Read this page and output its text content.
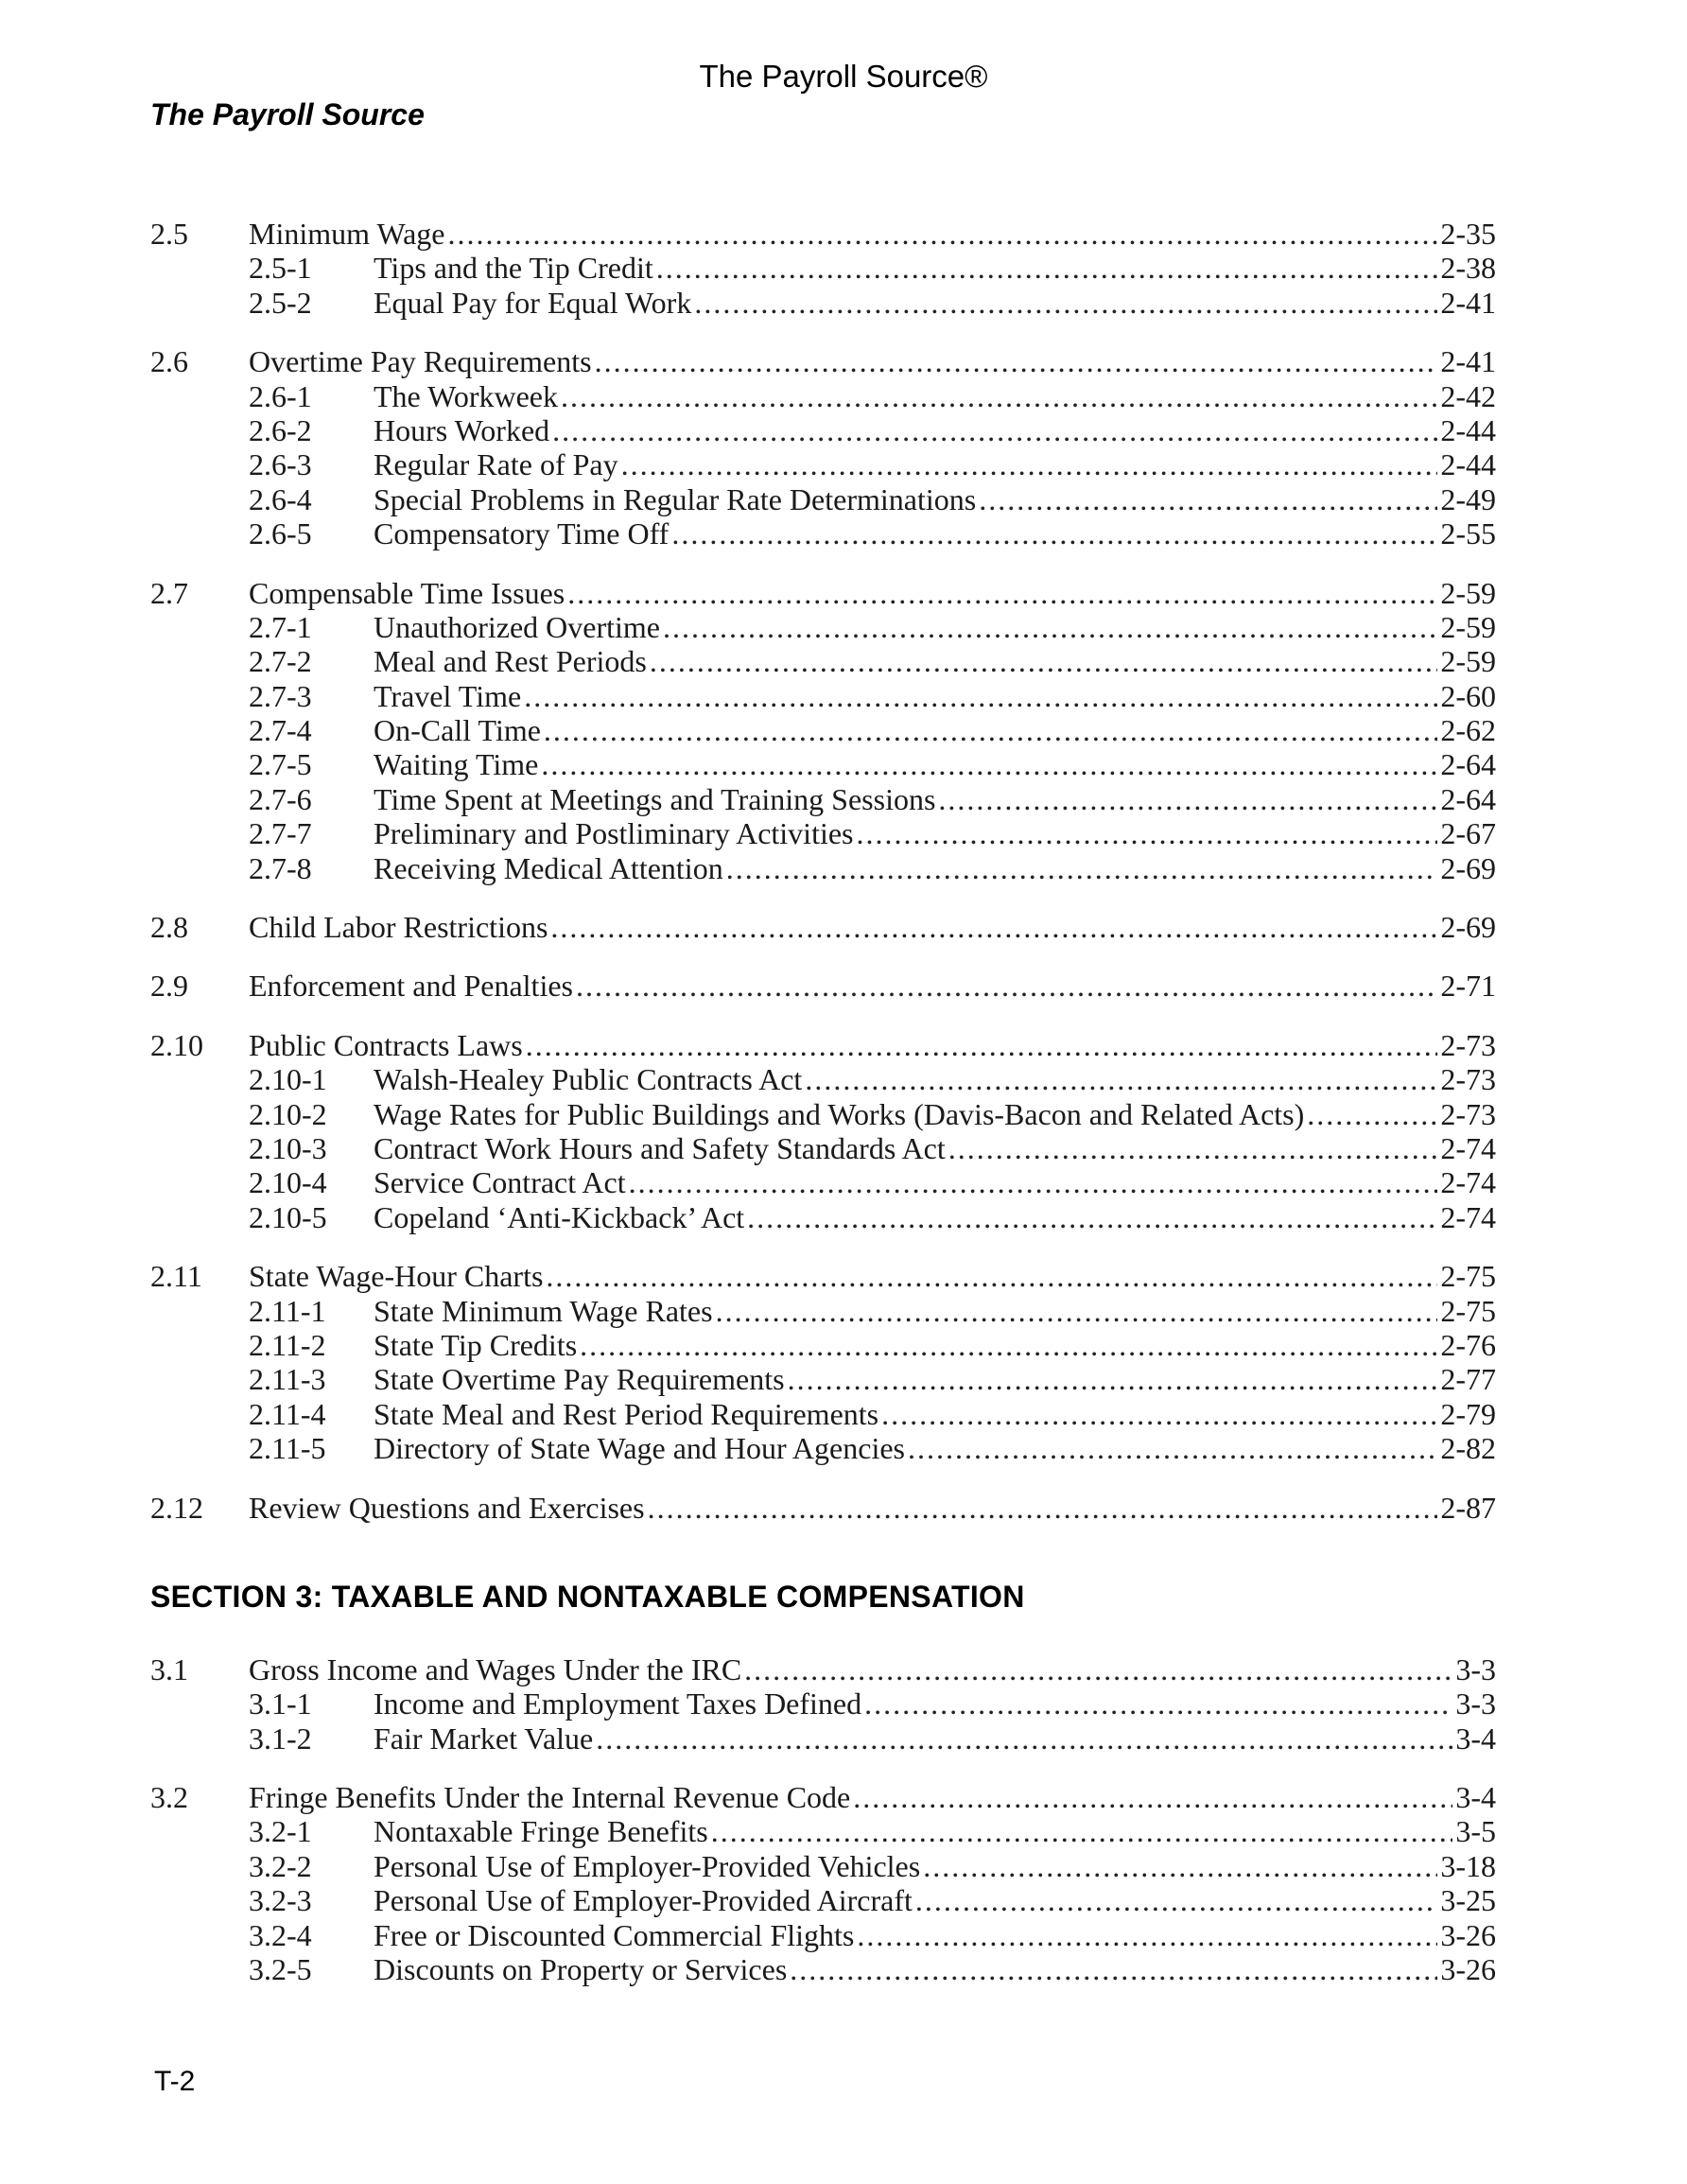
The Payroll Source®
The Payroll Source
2.5 Minimum Wage .....	2-35
2.5-1 Tips and the Tip Credit .....	2-38
2.5-2 Equal Pay for Equal Work .....	2-41
2.6 Overtime Pay Requirements .....	2-41
2.6-1 The Workweek .....	2-42
2.6-2 Hours Worked .....	2-44
2.6-3 Regular Rate of Pay .....	2-44
2.6-4 Special Problems in Regular Rate Determinations .....	2-49
2.6-5 Compensatory Time Off .....	2-55
2.7 Compensable Time Issues .....	2-59
2.7-1 Unauthorized Overtime .....	2-59
2.7-2 Meal and Rest Periods .....	2-59
2.7-3 Travel Time .....	2-60
2.7-4 On-Call Time .....	2-62
2.7-5 Waiting Time .....	2-64
2.7-6 Time Spent at Meetings and Training Sessions .....	2-64
2.7-7 Preliminary and Postliminary Activities .....	2-67
2.7-8 Receiving Medical Attention .....	2-69
2.8 Child Labor Restrictions .....	2-69
2.9 Enforcement and Penalties .....	2-71
2.10 Public Contracts Laws .....	2-73
2.10-1 Walsh-Healey Public Contracts Act .....	2-73
2.10-2 Wage Rates for Public Buildings and Works (Davis-Bacon and Related Acts) .....	2-73
2.10-3 Contract Work Hours and Safety Standards Act .....	2-74
2.10-4 Service Contract Act .....	2-74
2.10-5 Copeland ‘Anti-Kickback’ Act .....	2-74
2.11 State Wage-Hour Charts .....	2-75
2.11-1 State Minimum Wage Rates .....	2-75
2.11-2 State Tip Credits .....	2-76
2.11-3 State Overtime Pay Requirements .....	2-77
2.11-4 State Meal and Rest Period Requirements .....	2-79
2.11-5 Directory of State Wage and Hour Agencies .....	2-82
2.12 Review Questions and Exercises .....	2-87
SECTION 3: TAXABLE AND NONTAXABLE COMPENSATION
3.1 Gross Income and Wages Under the IRC .....	3-3
3.1-1 Income and Employment Taxes Defined .....	3-3
3.1-2 Fair Market Value .....	3-4
3.2 Fringe Benefits Under the Internal Revenue Code .....	3-4
3.2-1 Nontaxable Fringe Benefits .....	3-5
3.2-2 Personal Use of Employer-Provided Vehicles .....	3-18
3.2-3 Personal Use of Employer-Provided Aircraft .....	3-25
3.2-4 Free or Discounted Commercial Flights .....	3-26
3.2-5 Discounts on Property or Services .....	3-26
T-2
